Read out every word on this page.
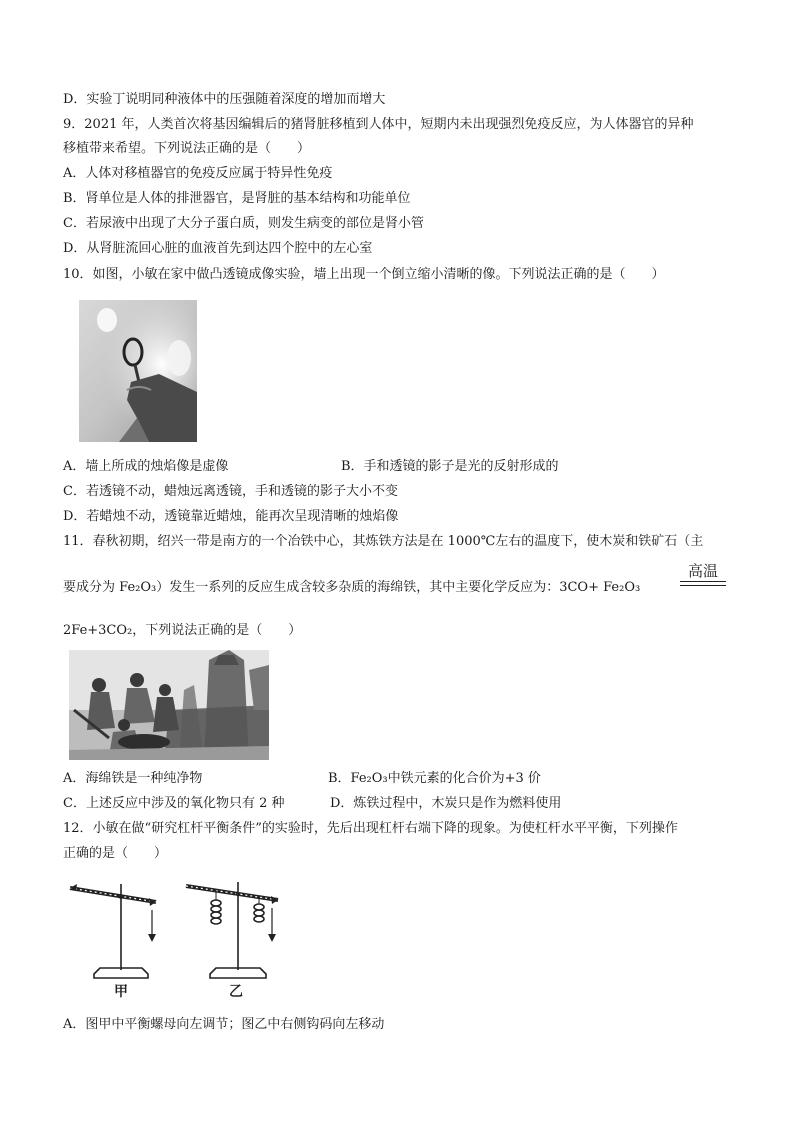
D．实验丁说明同种液体中的压强随着深度的增加而增大
9．2021 年，人类首次将基因编辑后的猪肾脏移植到人体中，短期内未出现强烈免疫反应，为人体器官的异种
移植带来希望。下列说法正确的是（　　）
A．人体对移植器官的免疫反应属于特异性免疫
B．肾单位是人体的排泄器官，是肾脏的基本结构和功能单位
C．若尿液中出现了大分子蛋白质，则发生病变的部位是肾小管
D．从肾脏流回心脏的血液首先到达四个腔中的左心室
10．如图，小敏在家中做凸透镜成像实验，墙上出现一个倒立缩小清晰的像。下列说法正确的是（　　）
A．墙上所成的烛焰像是虚像	B．手和透镜的影子是光的反射形成的
C．若透镜不动，蜡烛远离透镜，手和透镜的影子大小不变
D．若蜡烛不动，透镜靠近蜡烛，能再次呈现清晰的烛焰像
11．春秋初期，绍兴一带是南方的一个冶铁中心，其炼铁方法是在 1000℃左右的温度下，使木炭和铁矿石（主
要成分为 Fe₂O₃）发生一系列的反应生成含较多杂质的海绵铁，其中主要化学反应为：3CO+ Fe₂O₃
高温
2Fe+3CO₂，下列说法正确的是（　　）
A．海绵铁是一种纯净物	B．Fe₂O₃中铁元素的化合价为+3 价
C．上述反应中涉及的氧化物只有 2 种	D．炼铁过程中，木炭只是作为燃料使用
12．小敏在做“研究杠杆平衡条件”的实验时，先后出现杠杆右端下降的现象。为使杠杆水平平衡，下列操作
正确的是（　　）
甲	乙
A．图甲中平衡螺母向左调节；图乙中右侧钩码向左移动
